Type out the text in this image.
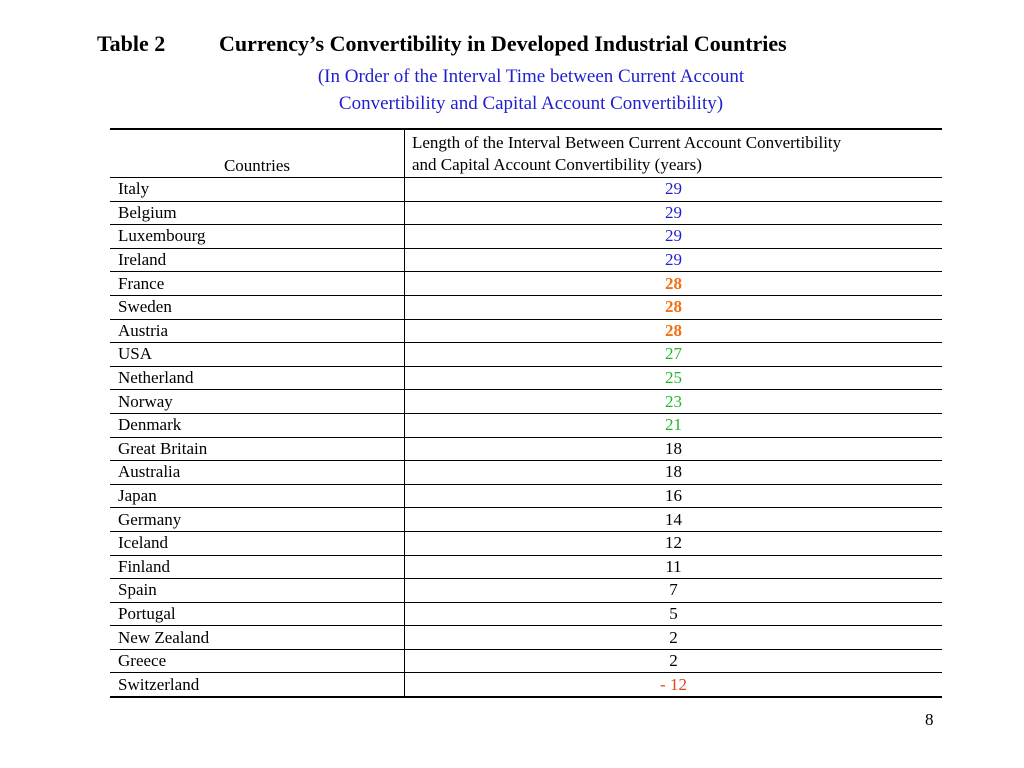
Table 2 Currency’s Convertibility in Developed Industrial Countries
(In Order of the Interval Time between Current Account
Convertibility and Capital Account Convertibility)
Countries	Length of the Interval Between Current Account Convertibility
and Capital Account Convertibility (years)

Italy	29
Belgium	29
Luxembourg	29
Ireland	29
France	28
Sweden	28
Austria	28
USA	27
Netherland	25
Norway	23
Denmark	21
Great Britain	18
Australia	18
Japan	16
Germany	14
Iceland	12
Finland	11
Spain	7
Portugal	5
New Zealand	2
Greece	2
Switzerland	- 12
8
